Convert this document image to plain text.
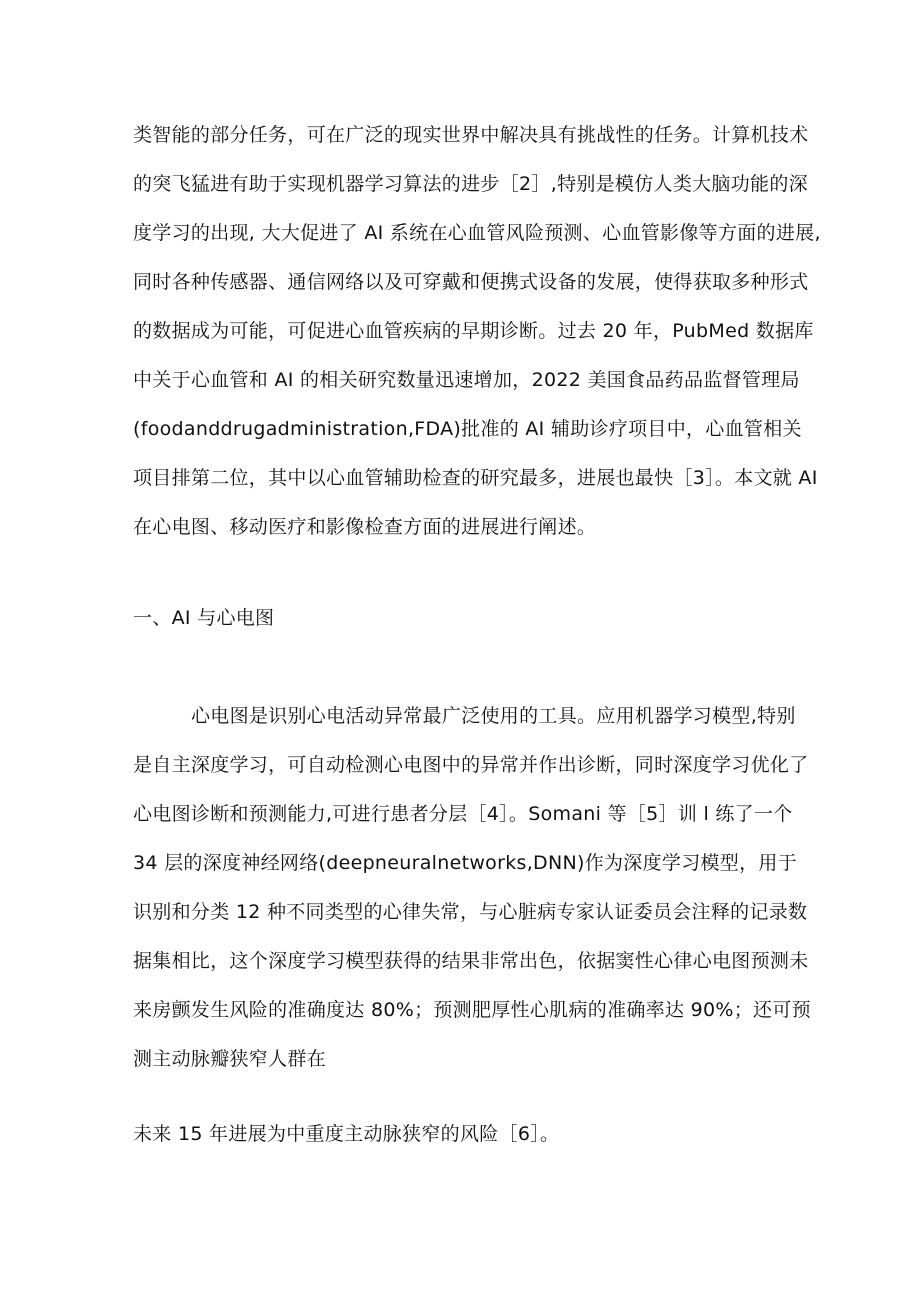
类智能的部分任务，可在广泛的现实世界中解决具有挑战性的任务。计算机技术
的突飞猛进有助于实现机器学习算法的进步［2］,特别是模仿人类大脑功能的深
度学习的出现, 大大促进了 AI 系统在心血管风险预测、心血管影像等方面的进展,
同时各种传感器、通信网络以及可穿戴和便携式设备的发展，使得获取多种形式
的数据成为可能，可促进心血管疾病的早期诊断。过去 20 年，PubMed 数据库
中关于心血管和 AI 的相关研究数量迅速增加，2022 美国食品药品监督管理局
(foodanddrugadministration,FDA)批准的 AI 辅助诊疗项目中，心血管相关
项目排第二位，其中以心血管辅助检查的研究最多，进展也最快［3］。本文就 AI
在心电图、移动医疗和影像检查方面的进展进行阐述。
一、AI 与心电图
心电图是识别心电活动异常最广泛使用的工具。应用机器学习模型,特别
是自主深度学习，可自动检测心电图中的异常并作出诊断，同时深度学习优化了
心电图诊断和预测能力,可进行患者分层［4］。Somani 等［5］训 l 练了一个
34 层的深度神经网络(deepneuralnetworks,DNN)作为深度学习模型，用于
识别和分类 12 种不同类型的心律失常，与心脏病专家认证委员会注释的记录数
据集相比，这个深度学习模型获得的结果非常出色，依据窦性心律心电图预测未
来房颤发生风险的准确度达 80%；预测肥厚性心肌病的准确率达 90%；还可预
测主动脉瓣狭窄人群在
未来 15 年进展为中重度主动脉狭窄的风险［6］。
